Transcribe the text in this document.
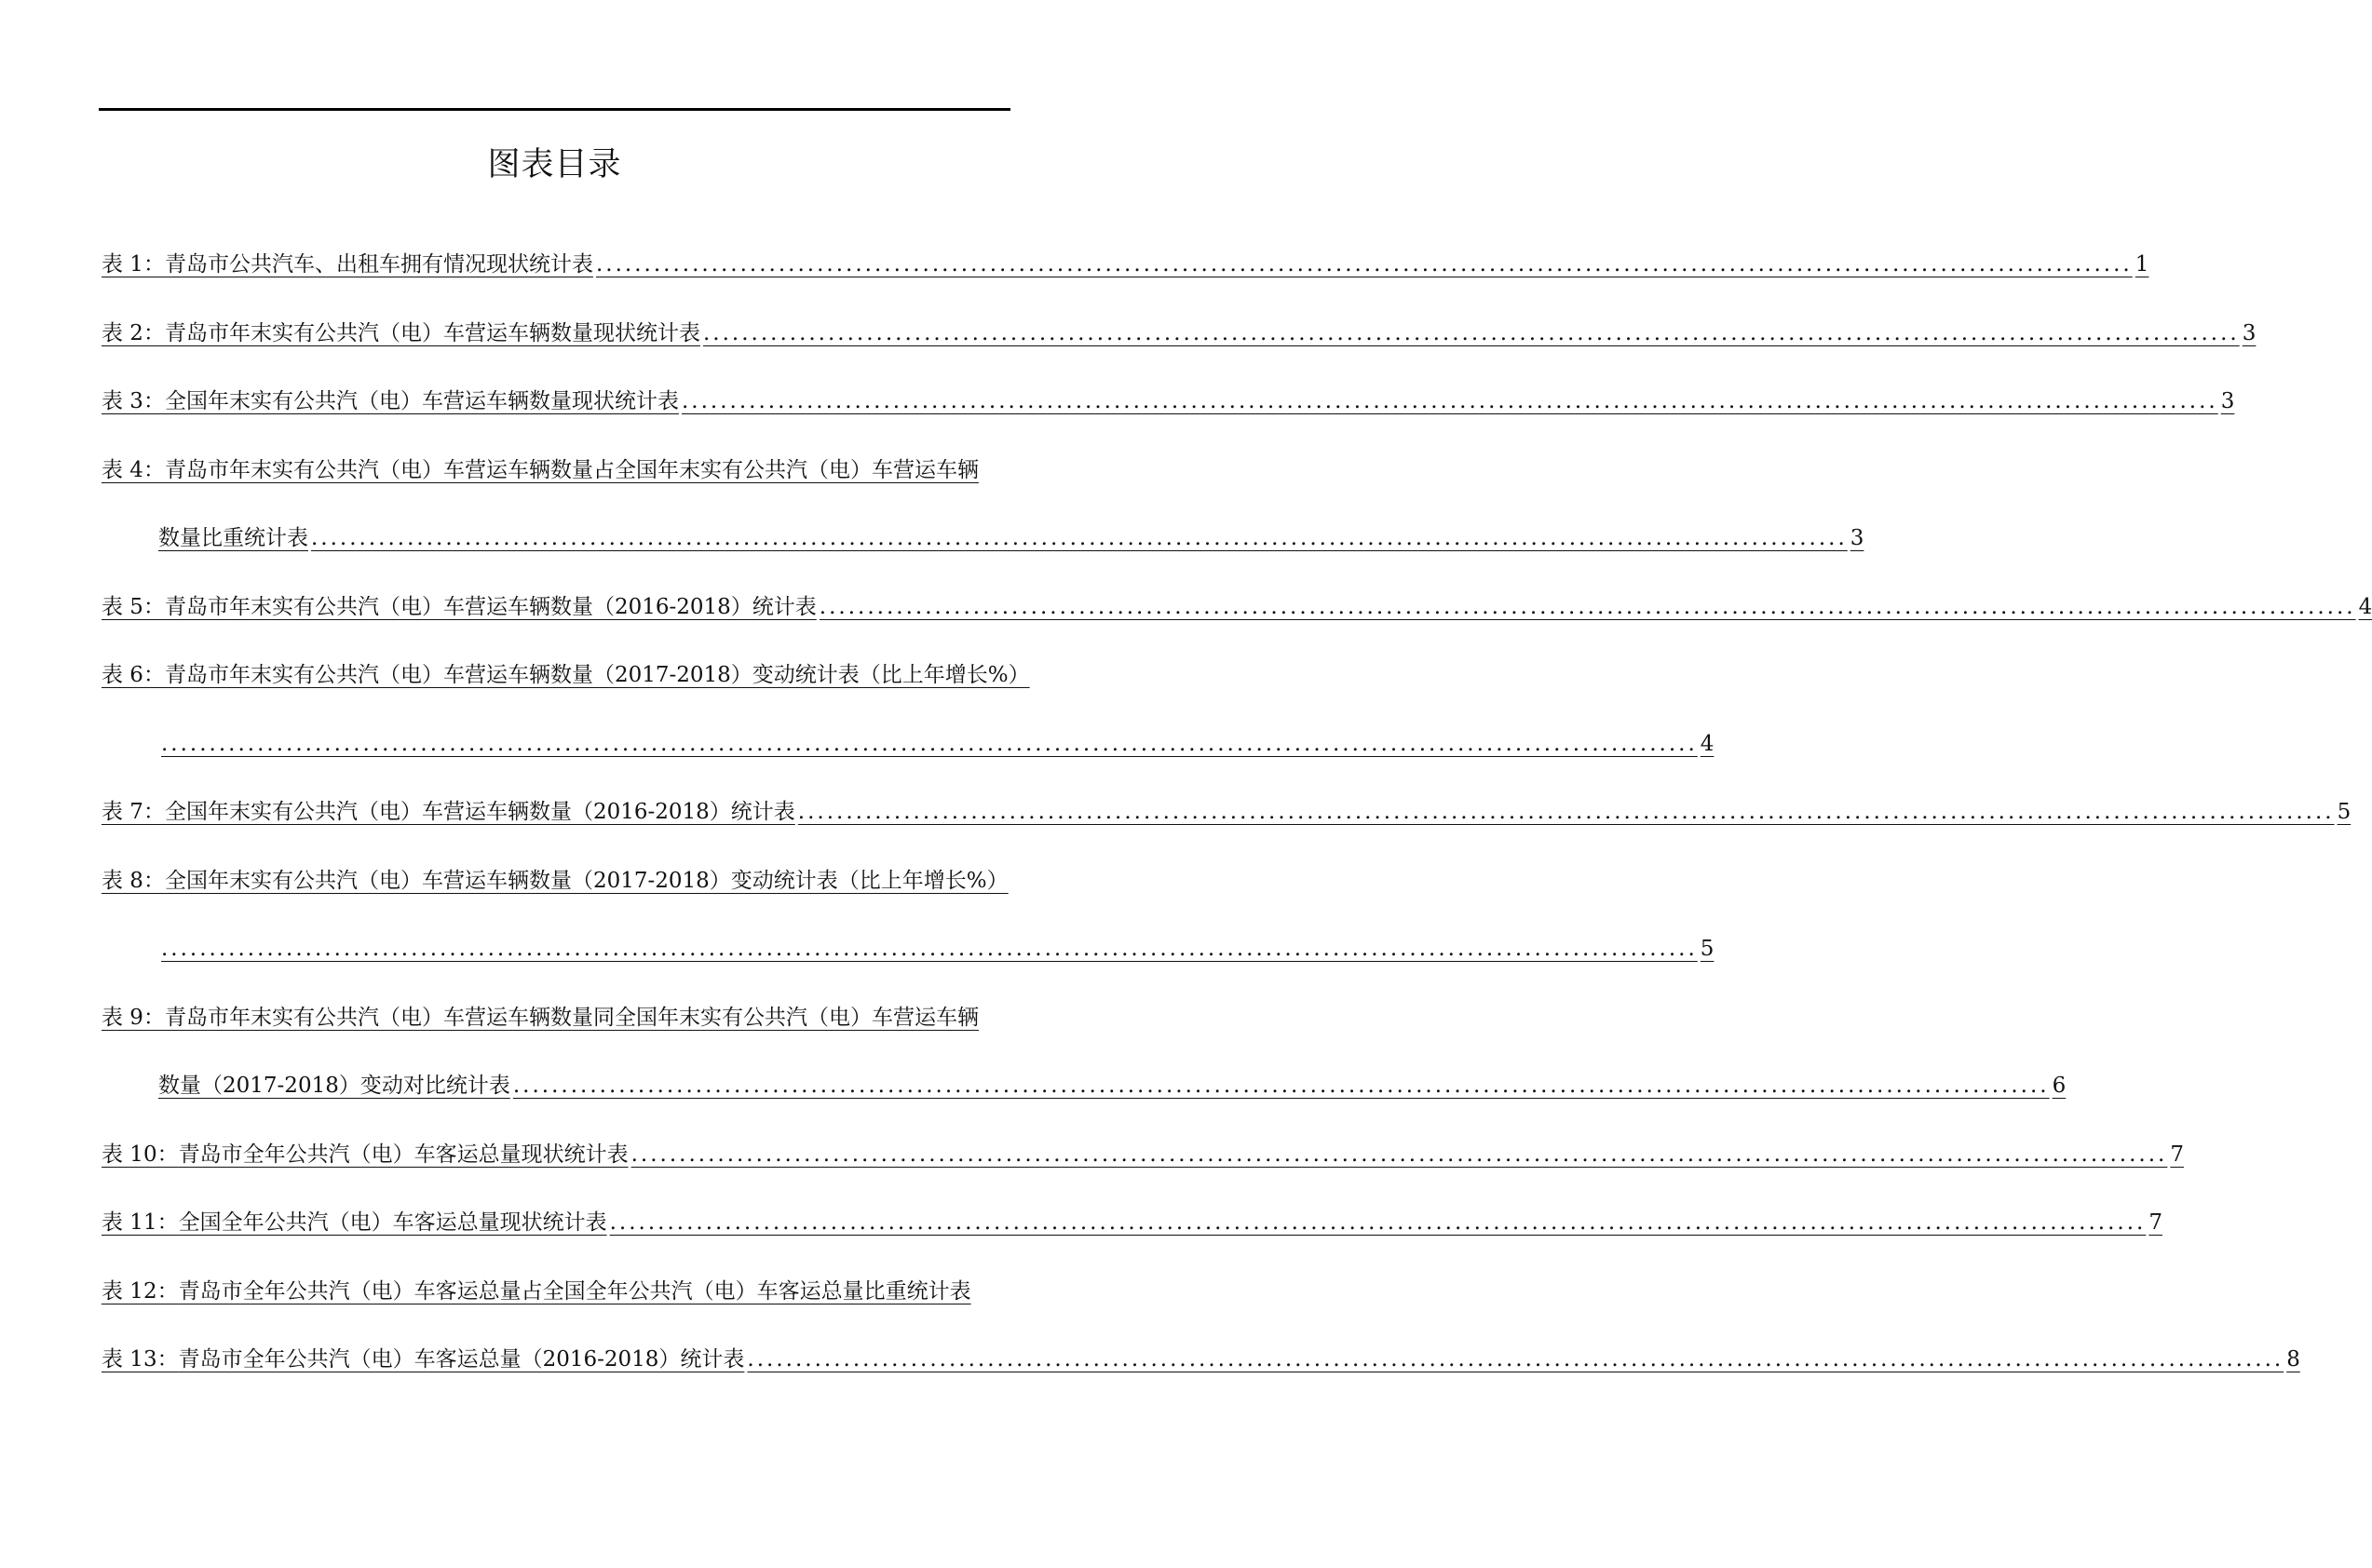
图表目录
表 1： 青岛市公共汽车、出租车拥有情况现状统计表 ................................................................................................................................................................ 1
表 2： 青岛市年末实有公共汽（电）车营运车辆数量现状统计表 ................................................................................................................................................................ 3
表 3： 全国年末实有公共汽（电）车营运车辆数量现状统计表 ................................................................................................................................................................ 3
表 4： 青岛市年末实有公共汽（电）车营运车辆数量占全国年末实有公共汽（电）车营运车辆
数量比重统计表 ................................................................................................................................................................ 3
表 5： 青岛市年末实有公共汽（电）车营运车辆数量（2016-2018）统计表 ................................................................................................................................................................ 4
表 6： 青岛市年末实有公共汽（电）车营运车辆数量（2017-2018）变动统计表（比上年增长%）
................................................................................................................................................................ 4
表 7： 全国年末实有公共汽（电）车营运车辆数量（2016-2018）统计表 ................................................................................................................................................................ 5
表 8： 全国年末实有公共汽（电）车营运车辆数量（2017-2018）变动统计表（比上年增长%）
................................................................................................................................................................ 5
表 9： 青岛市年末实有公共汽（电）车营运车辆数量同全国年末实有公共汽（电）车营运车辆
数量（2017-2018）变动对比统计表 ................................................................................................................................................................ 6
表 10： 青岛市全年公共汽（电）车客运总量现状统计表 ................................................................................................................................................................ 7
表 11： 全国全年公共汽（电）车客运总量现状统计表 ................................................................................................................................................................ 7
表 12： 青岛市全年公共汽（电）车客运总量占全国全年公共汽（电）车客运总量比重统计表
表 13： 青岛市全年公共汽（电）车客运总量（2016-2018）统计表 ................................................................................................................................................................ 8
